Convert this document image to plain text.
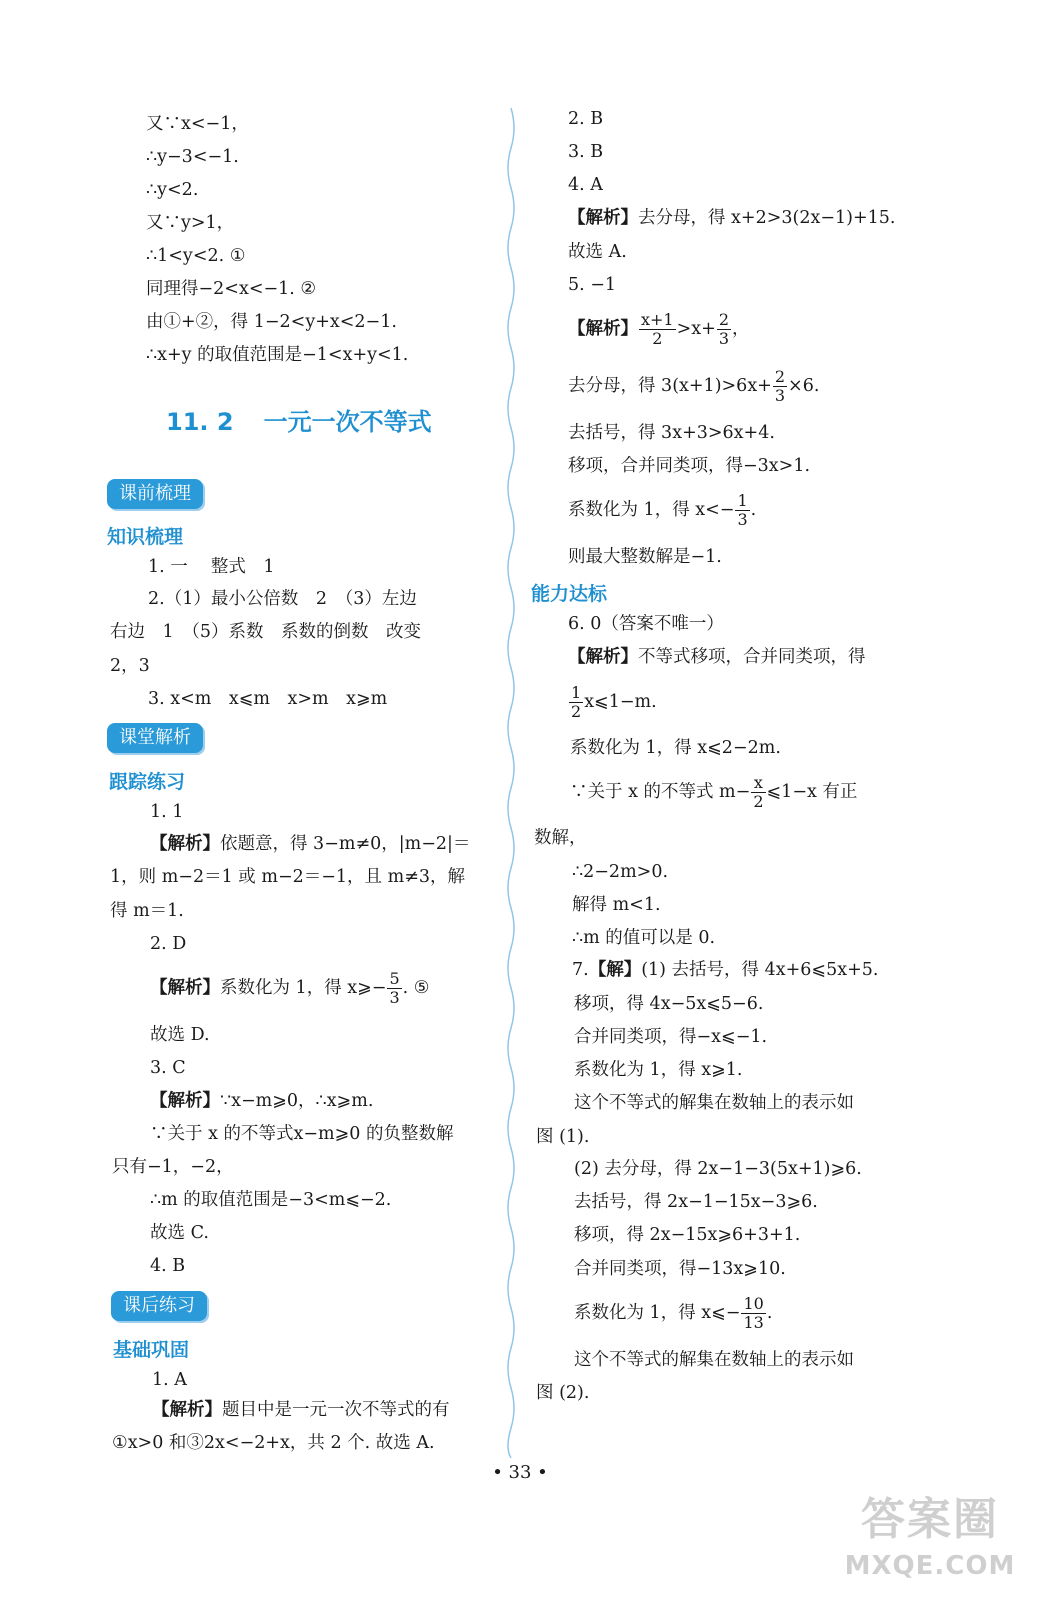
又∵x<−1，
∴y−3<−1.
∴y<2.
又∵y>1，
∴1<y<2. ①
同理得−2<x<−1. ②
由①+②，得 1−2<y+x<2−1.
∴x+y 的取值范围是−1<x+y<1.
11. 2 一元一次不等式
课前梳理
知识梳理
1. 一　 整式　1
2.（1）最小公倍数　2　（3）左边
右边　1　（5）系数　系数的倒数　改变
2，3
3. x<m　x⩽m　x>m　x⩾m
课堂解析
跟踪练习
1. 1
【解析】依题意，得 3−m≠0，|m−2|＝
1，则 m−2＝1 或 m−2＝−1，且 m≠3，解
得 m＝1.
2. D
【解析】系数化为 1，得 x⩾− $\frac{5}{3}$ . ⑤
故选 D.
3. C
【解析】∵x−m⩾0，∴x⩾m.
∵关于 x 的不等式x−m⩾0 的负整数解
只有−1，−2，
∴m 的取值范围是−3<m⩽−2.
故选 C.
4. B
课后练习
基础巩固
1. A
【解析】题目中是一元一次不等式的有
①x>0 和③2x<−2+x，共 2 个. 故选 A.
2. B
3. B
4. A
【解析】去分母，得 x+2>3(2x−1)+15.
故选 A.
5. −1
【解析】 $\frac{x+1}{2} >x+ \frac{2}{3}$ ，
去分母，得 $3(x+1)>6x+ \frac{2}{3} \times 6$.
去括号，得 3x+3>6x+4.
移项，合并同类项，得−3x>1.
系数化为 1，得 $x<- \frac{1}{3}$ .
则最大整数解是−1.
能力达标
6. 0（答案不唯一）
【解析】不等式移项，合并同类项，得
$\frac{1}{2}$ x⩽1−m.
系数化为 1，得 x⩽2−2m.
∵关于 x 的不等式 $m- \frac{x}{2}$ ⩽1−x 有正
数解，
∴2−2m>0.
解得 m<1.
∴m 的值可以是 0.
7.【解】(1) 去括号，得 4x+6⩽5x+5.
移项，得 4x−5x⩽5−6.
合并同类项，得−x⩽−1.
系数化为 1，得 x⩾1.
这个不等式的解集在数轴上的表示如
图 (1).
(2) 去分母，得 2x−1−3(5x+1)⩾6.
去括号，得 2x−1−15x−3⩾6.
移项，得 2x−15x⩾6+3+1.
合并同类项，得−13x⩾10.
系数化为 1，得 x⩽− $\frac{10}{13}$ .
这个不等式的解集在数轴上的表示如
图 (2).
• 33 •
答案圈
MXQE.COM
